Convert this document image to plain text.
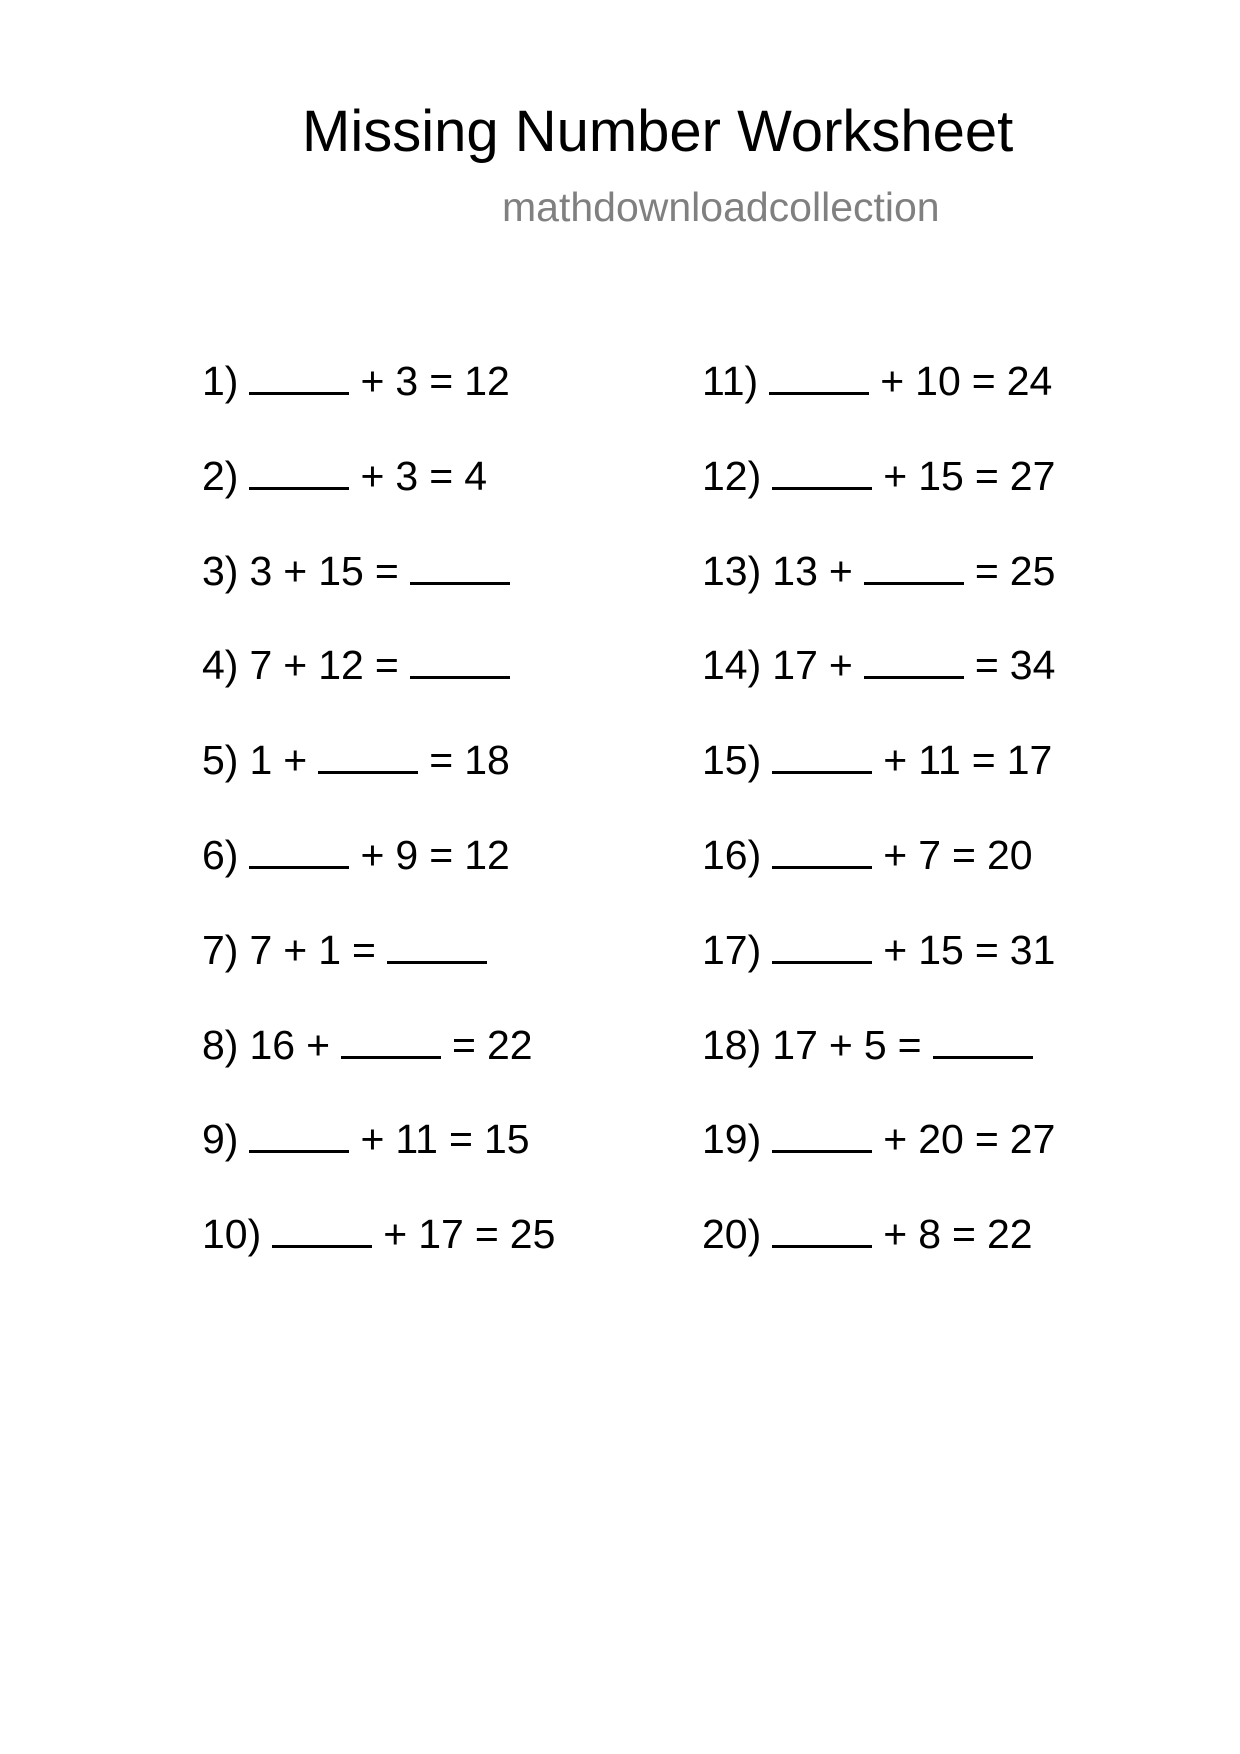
Missing Number Worksheet
mathdownloadcollection
1)	+ 3 = 12
2)	+ 3 = 4
3) 3 + 15 =
4) 7 + 12 =
5) 1 +	= 18
6)	+ 9 = 12
7) 7 + 1 =
8) 16 +	= 22
9)	+ 11 = 15
10)	+ 17 = 25
11)	+ 10 = 24
12)	+ 15 = 27
13) 13 +	= 25
14) 17 +	= 34
15)	+ 11 = 17
16)	+ 7 = 20
17)	+ 15 = 31
18) 17 + 5 =
19)	+ 20 = 27
20)	+ 8 = 22
